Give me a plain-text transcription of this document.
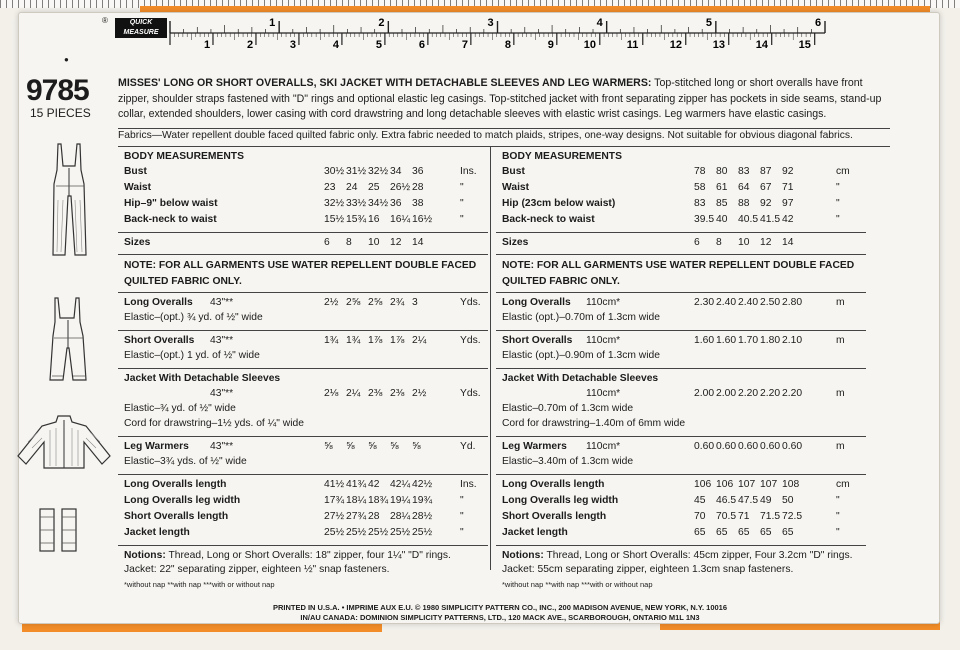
®	QUICK
MEASURE
1	2	3	4	5	6
1	2	3	4	5	6	7	8	9	10	11	12	13	14	15
●
9785
15 PIECES
MISSES' LONG OR SHORT OVERALLS, SKI JACKET WITH DETACHABLE SLEEVES AND LEG WARMERS: Top-stitched long or short overalls have front zipper, shoulder straps fastened with "D" rings and optional elastic leg casings. Top-stitched jacket with front separating zipper has pockets in side seams, stand-up collar, extended shoulders, lower casing with cord drawstring and long detachable sleeves with elastic wrist casings. Leg warmers have elastic casings.
Fabrics—Water repellent double faced quilted fabric only. Extra fabric needed to match plaids, stripes, one-way designs. Not suitable for obvious diagonal fabrics.
BODY MEASUREMENTS
Bust	30½ 31½ 32½ 34 36	Ins.
Waist	23 24 25 26½ 28	"
Hip–9" below waist	32½ 33½ 34½ 36 38	"
Back-neck to waist	15½ 15¾ 16 16¼ 16½	"
Sizes	6 8 10 12 14
NOTE: FOR ALL GARMENTS USE WATER REPELLENT DOUBLE FACED QUILTED FABRIC ONLY.
Long Overalls 43"**	2½ 2⅝ 2⅝ 2¾ 3	Yds.
Elastic–(opt.) ¾ yd. of ½" wide
Short Overalls 43"**	1¾ 1¾ 1⅞ 1⅞ 2¼	Yds.
Elastic–(opt.) 1 yd. of ½" wide
Jacket With Detachable Sleeves
43"**	2⅛ 2¼ 2⅜ 2⅜ 2½	Yds.
Elastic–¾ yd. of ½" wide
Cord for drawstring–1½ yds. of ¼" wide
Leg Warmers 43"**	⅝ ⅝ ⅝ ⅝ ⅝	Yd.
Elastic–3¾ yds. of ½" wide
Long Overalls length	41½ 41¾ 42 42¼ 42½	Ins.
Long Overalls leg width	17¾ 18¼ 18¾ 19¼ 19¾	"
Short Overalls length	27½ 27¾ 28 28¼ 28½	"
Jacket length	25½ 25½ 25½ 25½ 25½	"
Notions: Thread, Long or Short Overalls: 18" zipper, four 1¼" "D" rings. Jacket: 22" separating zipper, eighteen ½" snap fasteners.
*without nap **with nap ***with or without nap
BODY MEASUREMENTS
Bust	78 80 83 87 92	cm
Waist	58 61 64 67 71	"
Hip (23cm below waist)	83 85 88 92 97	"
Back-neck to waist	39.5 40 40.5 41.5 42	"
Sizes	6 8 10 12 14
NOTE: FOR ALL GARMENTS USE WATER REPELLENT DOUBLE FACED QUILTED FABRIC ONLY.
Long Overalls 110cm*	2.30 2.40 2.40 2.50 2.80	m
Elastic (opt.)–0.70m of 1.3cm wide
Short Overalls 110cm*	1.60 1.60 1.70 1.80 2.10	m
Elastic (opt.)–0.90m of 1.3cm wide
Jacket With Detachable Sleeves
110cm*	2.00 2.00 2.20 2.20 2.20	m
Elastic–0.70m of 1.3cm wide
Cord for drawstring–1.40m of 6mm wide
Leg Warmers 110cm*	0.60 0.60 0.60 0.60 0.60	m
Elastic–3.40m of 1.3cm wide
Long Overalls length	106 106 107 107 108	cm
Long Overalls leg width	45 46.5 47.5 49 50	"
Short Overalls length	70 70.5 71 71.5 72.5	"
Jacket length	65 65 65 65 65	"
Notions: Thread, Long or Short Overalls: 45cm zipper, Four 3.2cm "D" rings. Jacket: 55cm separating zipper, eighteen 1.3cm snap fasteners.
*without nap **with nap ***with or without nap
PRINTED IN U.S.A. • IMPRIME AUX E.U. © 1980 SIMPLICITY PATTERN CO., INC., 200 MADISON AVENUE, NEW YORK, N.Y. 10016
IN/AU CANADA: DOMINION SIMPLICITY PATTERNS, LTD., 120 MACK AVE., SCARBOROUGH, ONTARIO M1L 1N3
